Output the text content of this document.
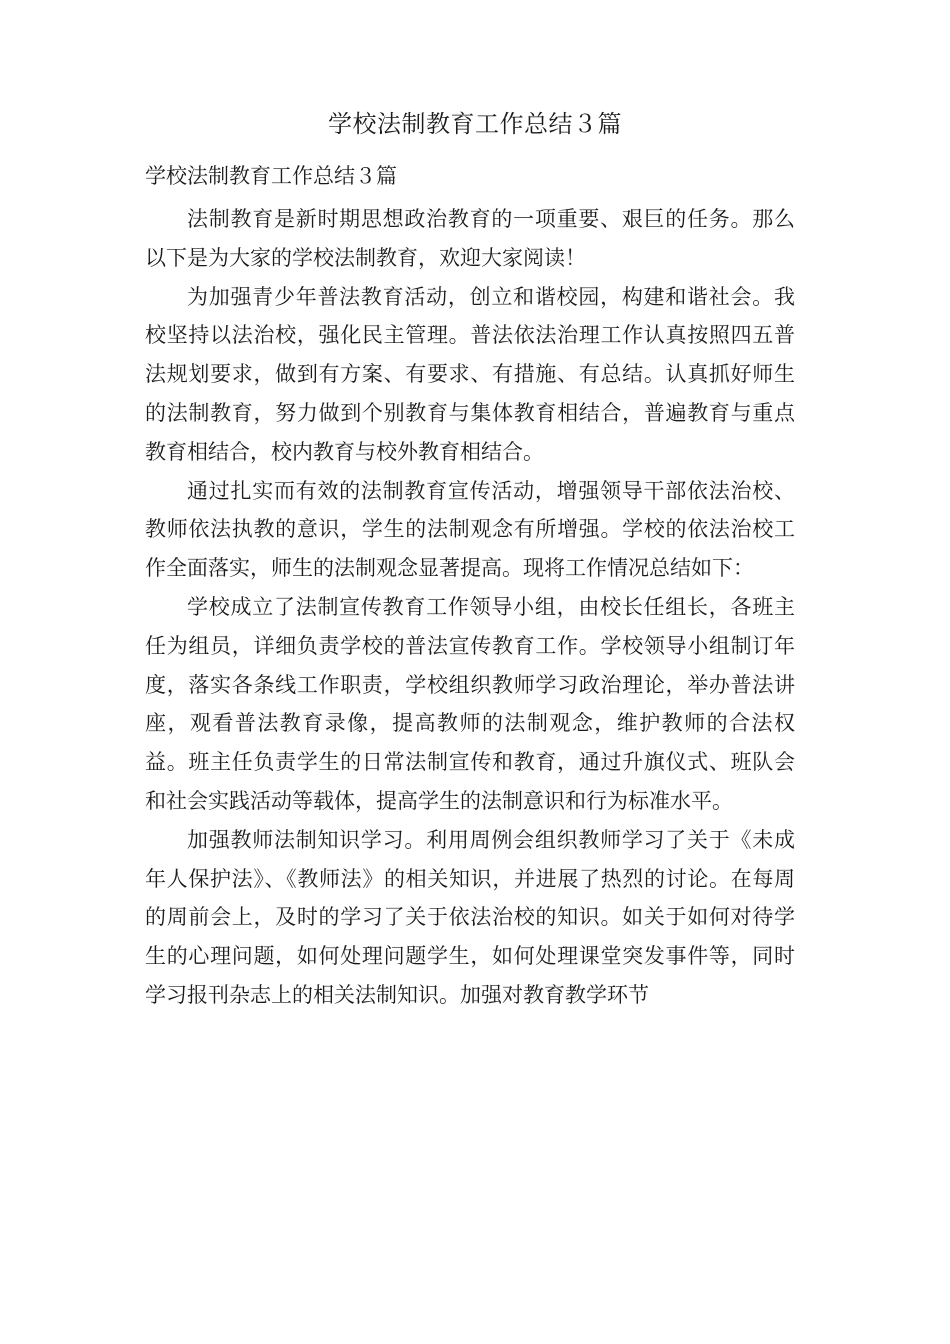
学校法制教育工作总结３篇
学校法制教育工作总结３篇

法制教育是新时期思想政治教育的一项重要、艰巨的任务。那么以下是为大家的学校法制教育，欢迎大家阅读！

为加强青少年普法教育活动，创立和谐校园，构建和谐社会。我校坚持以法治校，强化民主管理。普法依法治理工作认真按照四五普法规划要求，做到有方案、有要求、有措施、有总结。认真抓好师生的法制教育，努力做到个别教育与集体教育相结合，普遍教育与重点教育相结合，校内教育与校外教育相结合。

通过扎实而有效的法制教育宣传活动，增强领导干部依法治校、教师依法执教的意识，学生的法制观念有所增强。学校的依法治校工作全面落实，师生的法制观念显著提高。现将工作情况总结如下：

学校成立了法制宣传教育工作领导小组，由校长任组长，各班主任为组员，详细负责学校的普法宣传教育工作。学校领导小组制订年度，落实各条线工作职责，学校组织教师学习政治理论，举办普法讲座，观看普法教育录像，提高教师的法制观念，维护教师的合法权益。班主任负责学生的日常法制宣传和教育，通过升旗仪式、班队会和社会实践活动等载体，提高学生的法制意识和行为标准水平。

加强教师法制知识学习。利用周例会组织教师学习了关于《未成年人保护法》、《教师法》的相关知识，并进展了热烈的讨论。在每周的周前会上，及时的学习了关于依法治校的知识。如关于如何对待学生的心理问题，如何处理问题学生，如何处理课堂突发事件等，同时学习报刊杂志上的相关法制知识。加强对教育教学环节
